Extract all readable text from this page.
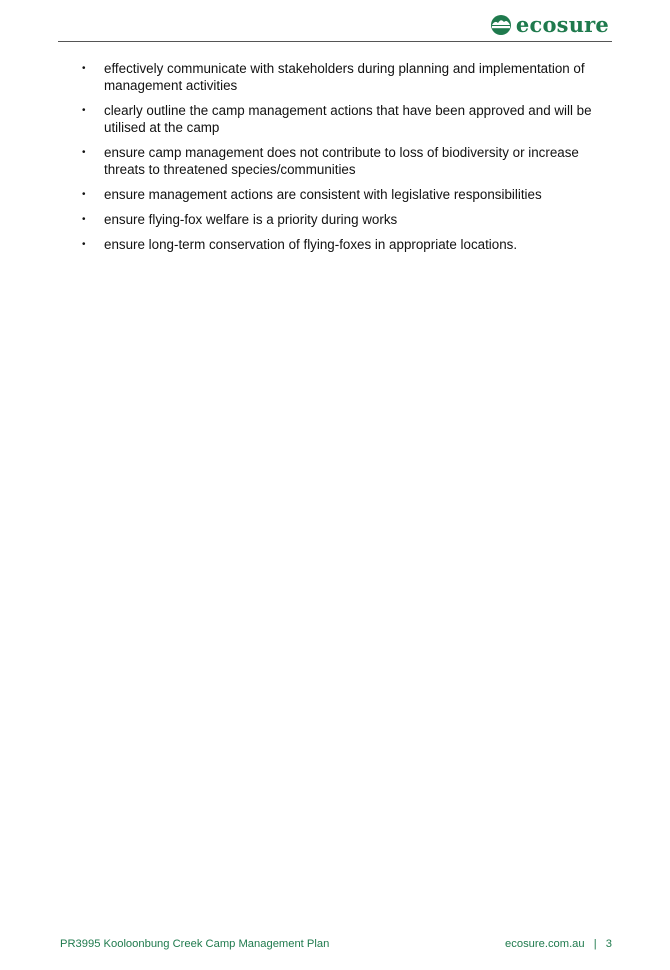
ecosure
• effectively communicate with stakeholders during planning and implementation of management activities
• clearly outline the camp management actions that have been approved and will be utilised at the camp
• ensure camp management does not contribute to loss of biodiversity or increase threats to threatened species/communities
• ensure management actions are consistent with legislative responsibilities
• ensure flying-fox welfare is a priority during works
• ensure long-term conservation of flying-foxes in appropriate locations.
PR3995 Kooloonbung Creek Camp Management Plan	ecosure.com.au | 3
